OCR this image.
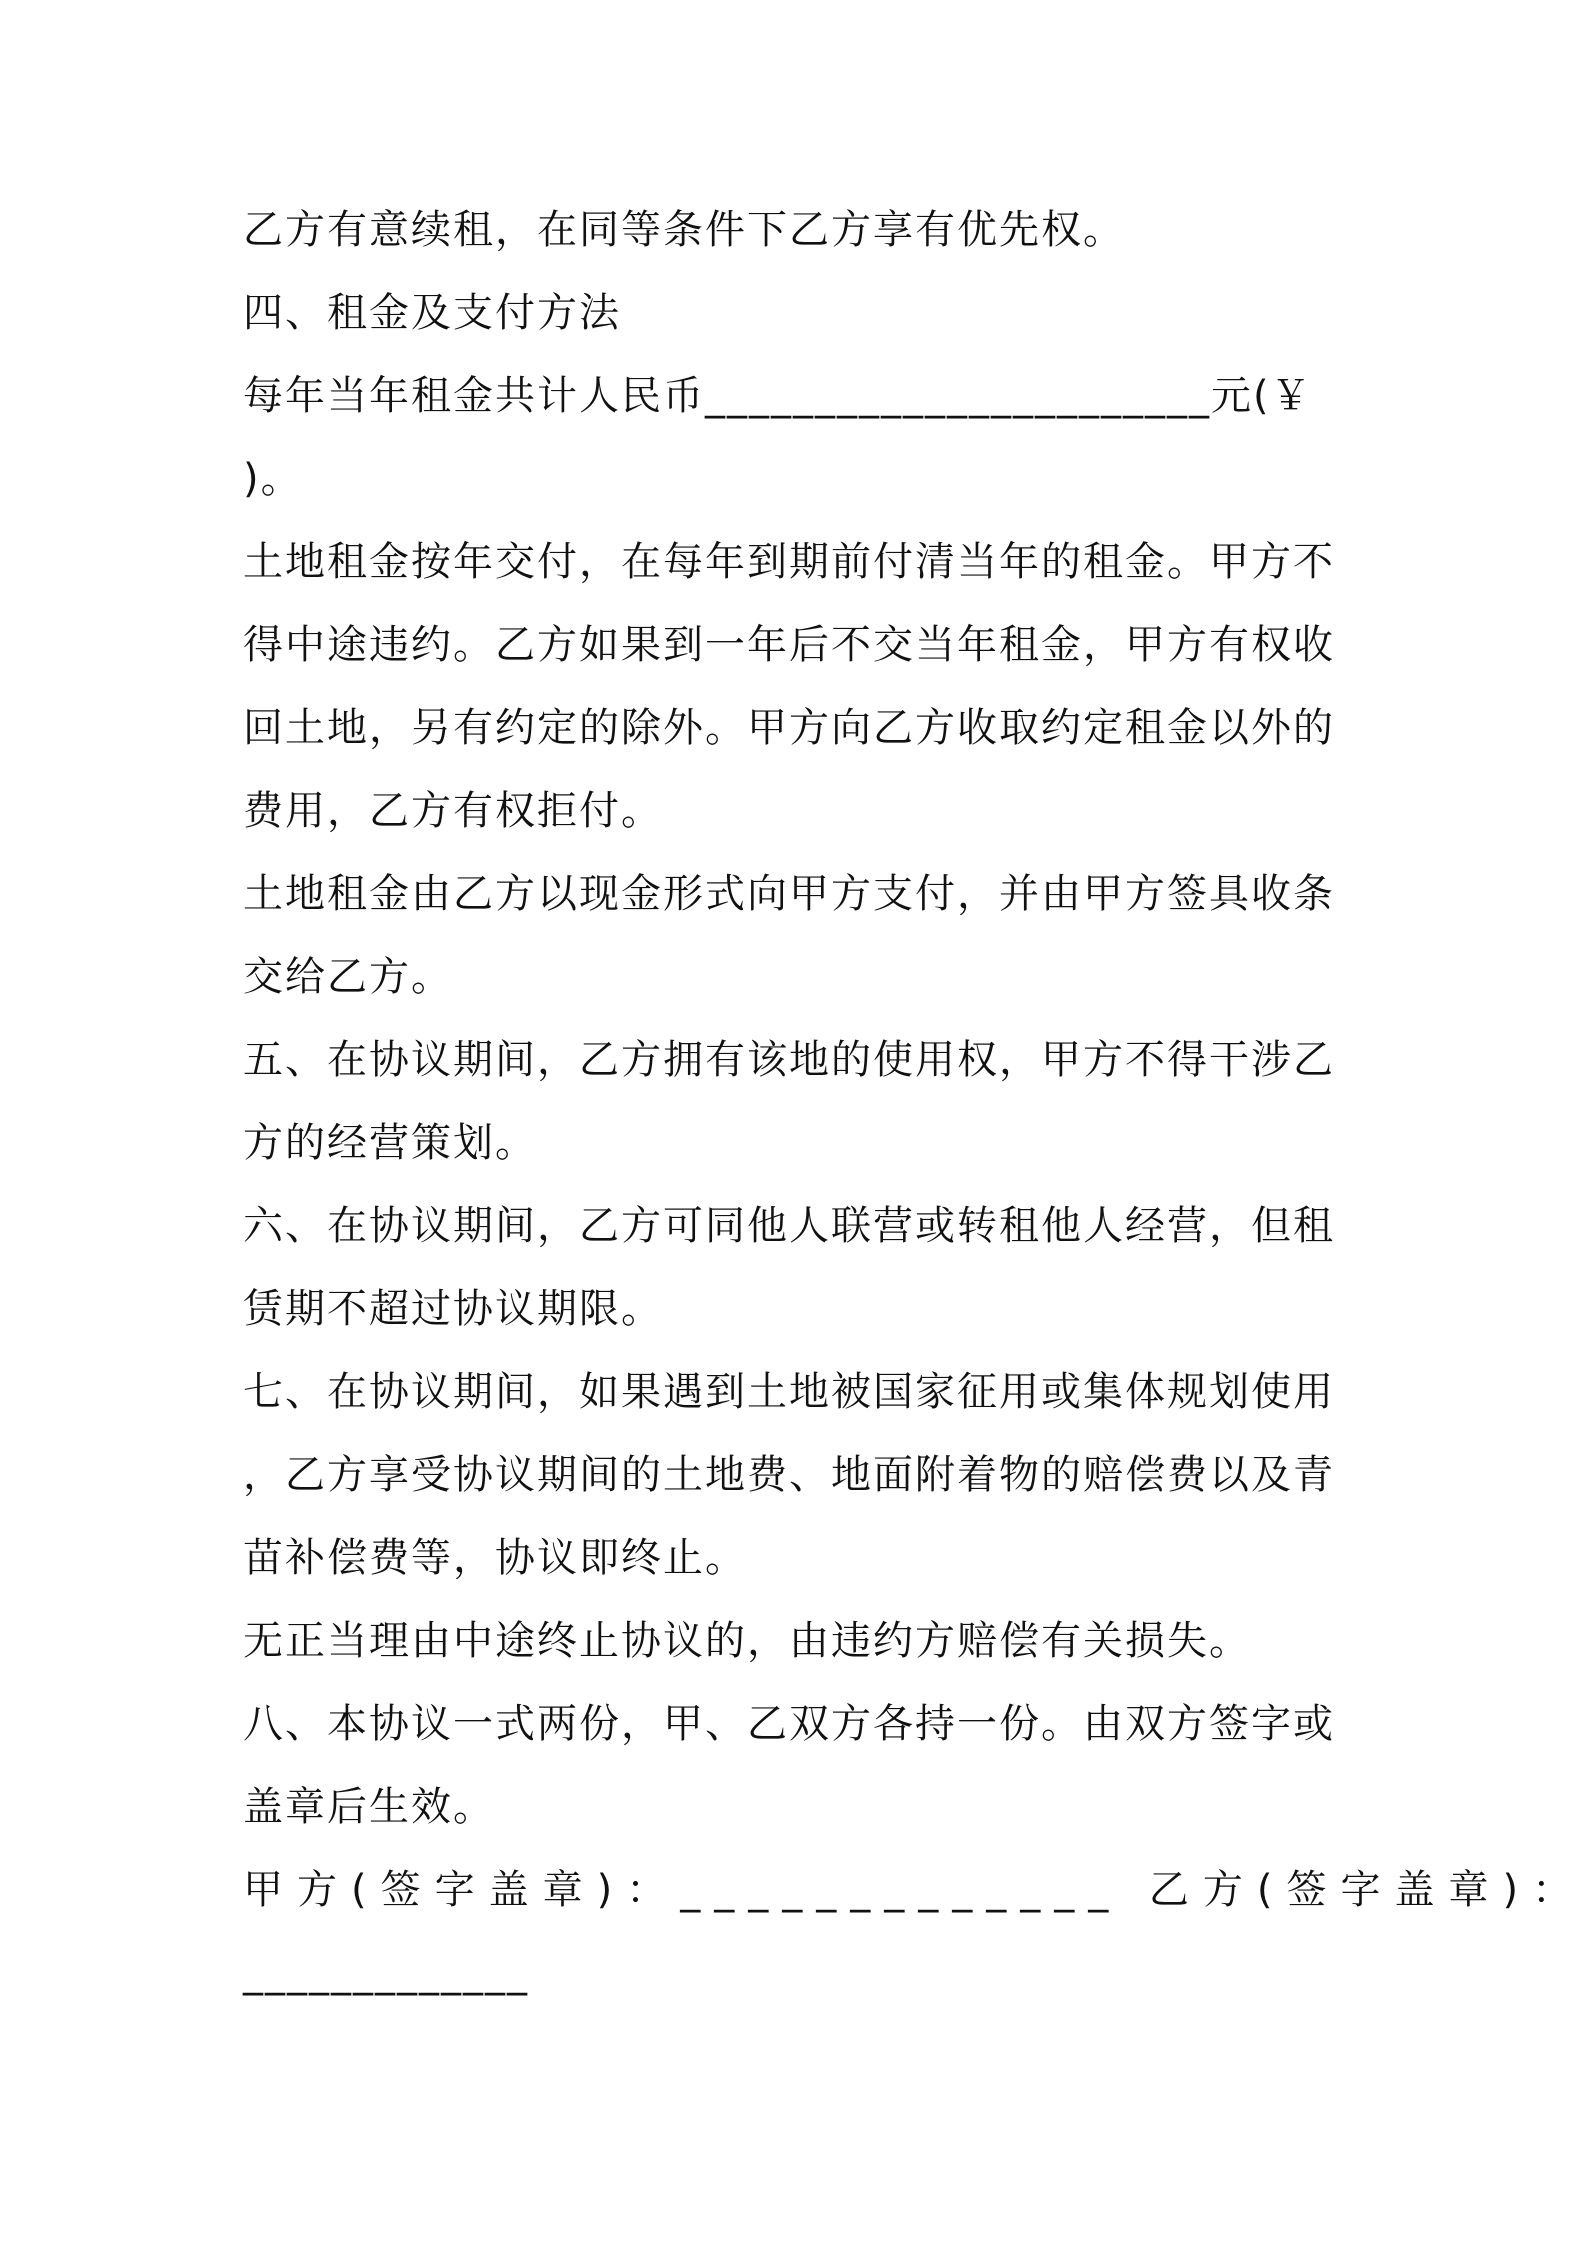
乙方有意续租，在同等条件下乙方享有优先权。
四、租金及支付方法
每年当年租金共计人民币_______________________元(￥
)。
土地租金按年交付，在每年到期前付清当年的租金。甲方不
得中途违约。乙方如果到一年后不交当年租金，甲方有权收
回土地，另有约定的除外。甲方向乙方收取约定租金以外的
费用，乙方有权拒付。
土地租金由乙方以现金形式向甲方支付，并由甲方签具收条
交给乙方。
五、在协议期间，乙方拥有该地的使用权，甲方不得干涉乙
方的经营策划。
六、在协议期间，乙方可同他人联营或转租他人经营，但租
赁期不超过协议期限。
七、在协议期间，如果遇到土地被国家征用或集体规划使用
，乙方享受协议期间的土地费、地面附着物的赔偿费以及青
苗补偿费等，协议即终止。
无正当理由中途终止协议的，由违约方赔偿有关损失。
八、本协议一式两份，甲、乙双方各持一份。由双方签字或
盖章后生效。
甲方(签字盖章)：_____________ 乙方(签字盖章)：
_____________
